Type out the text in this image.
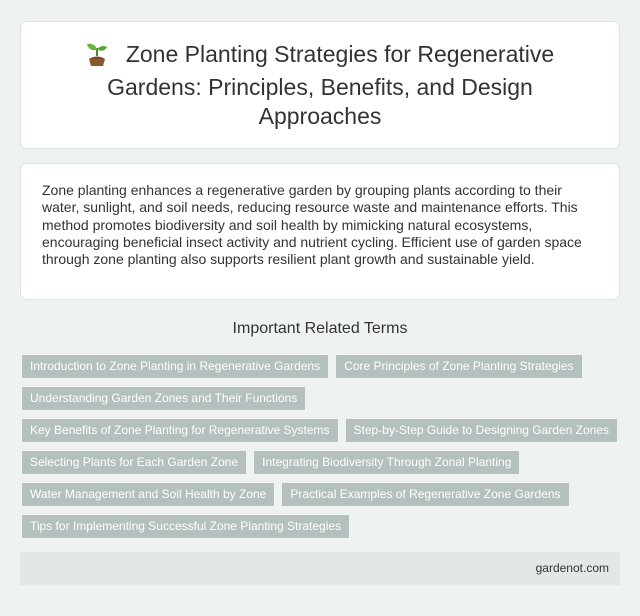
Zone Planting Strategies for Regenerative Gardens: Principles, Benefits, and Design Approaches

Zone planting enhances a regenerative garden by grouping plants according to their water, sunlight, and soil needs, reducing resource waste and maintenance efforts. This method promotes biodiversity and soil health by mimicking natural ecosystems, encouraging beneficial insect activity and nutrient cycling. Efficient use of garden space through zone planting also supports resilient plant growth and sustainable yield.

Important Related Terms
Introduction to Zone Planting in Regenerative Gardens	Core Principles of Zone Planting Strategies
Understanding Garden Zones and Their Functions
Key Benefits of Zone Planting for Regenerative Systems	Step-by-Step Guide to Designing Garden Zones
Selecting Plants for Each Garden Zone	Integrating Biodiversity Through Zonal Planting
Water Management and Soil Health by Zone	Practical Examples of Regenerative Zone Gardens
Tips for Implementing Successful Zone Planting Strategies
gardenot.com
